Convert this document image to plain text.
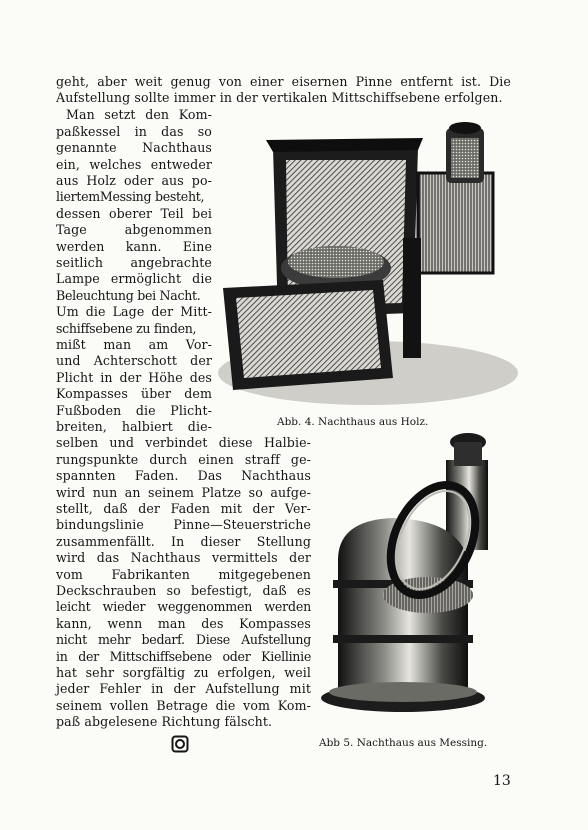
geht, aber weit genug von einer eisernen Pinne entfernt ist. Die
Aufstellung sollte immer in der vertikalen Mittschiffsebene erfolgen.
Man setzt den Kom-
paßkessel in das so
genannte Nachthaus
ein, welches entweder
aus Holz oder aus po-
liertemMessing besteht,
dessen oberer Teil bei
Tage abgenommen
werden kann. Eine
seitlich angebrachte
Lampe ermöglicht die
Beleuchtung bei Nacht.
Um die Lage der Mitt-
schiffsebene zu finden,
mißt man am Vor-
und Achterschott der
Plicht in der Höhe des
Kompasses über dem
Fußboden die Plicht-
breiten, halbiert die-
selben und verbindet diese Halbie-
rungspunkte durch einen straff ge-
spannten Faden. Das Nachthaus
wird nun an seinem Platze so aufge-
stellt, daß der Faden mit der Ver-
bindungslinie Pinne—Steuerstriche
zusammenfällt. In dieser Stellung
wird das Nachthaus vermittels der
vom Fabrikanten mitgegebenen
Deckschrauben so befestigt, daß es
leicht wieder weggenommen werden
kann, wenn man des Kompasses
nicht mehr bedarf. Diese Aufstellung
in der Mittschiffsebene oder Kiellinie
hat sehr sorgfältig zu erfolgen, weil
jeder Fehler in der Aufstellung mit
seinem vollen Betrage die vom Kom-
paß abgelesene Richtung fälscht.
Abb. 4. Nachthaus aus Holz.
Abb 5. Nachthaus aus Messing.
13
